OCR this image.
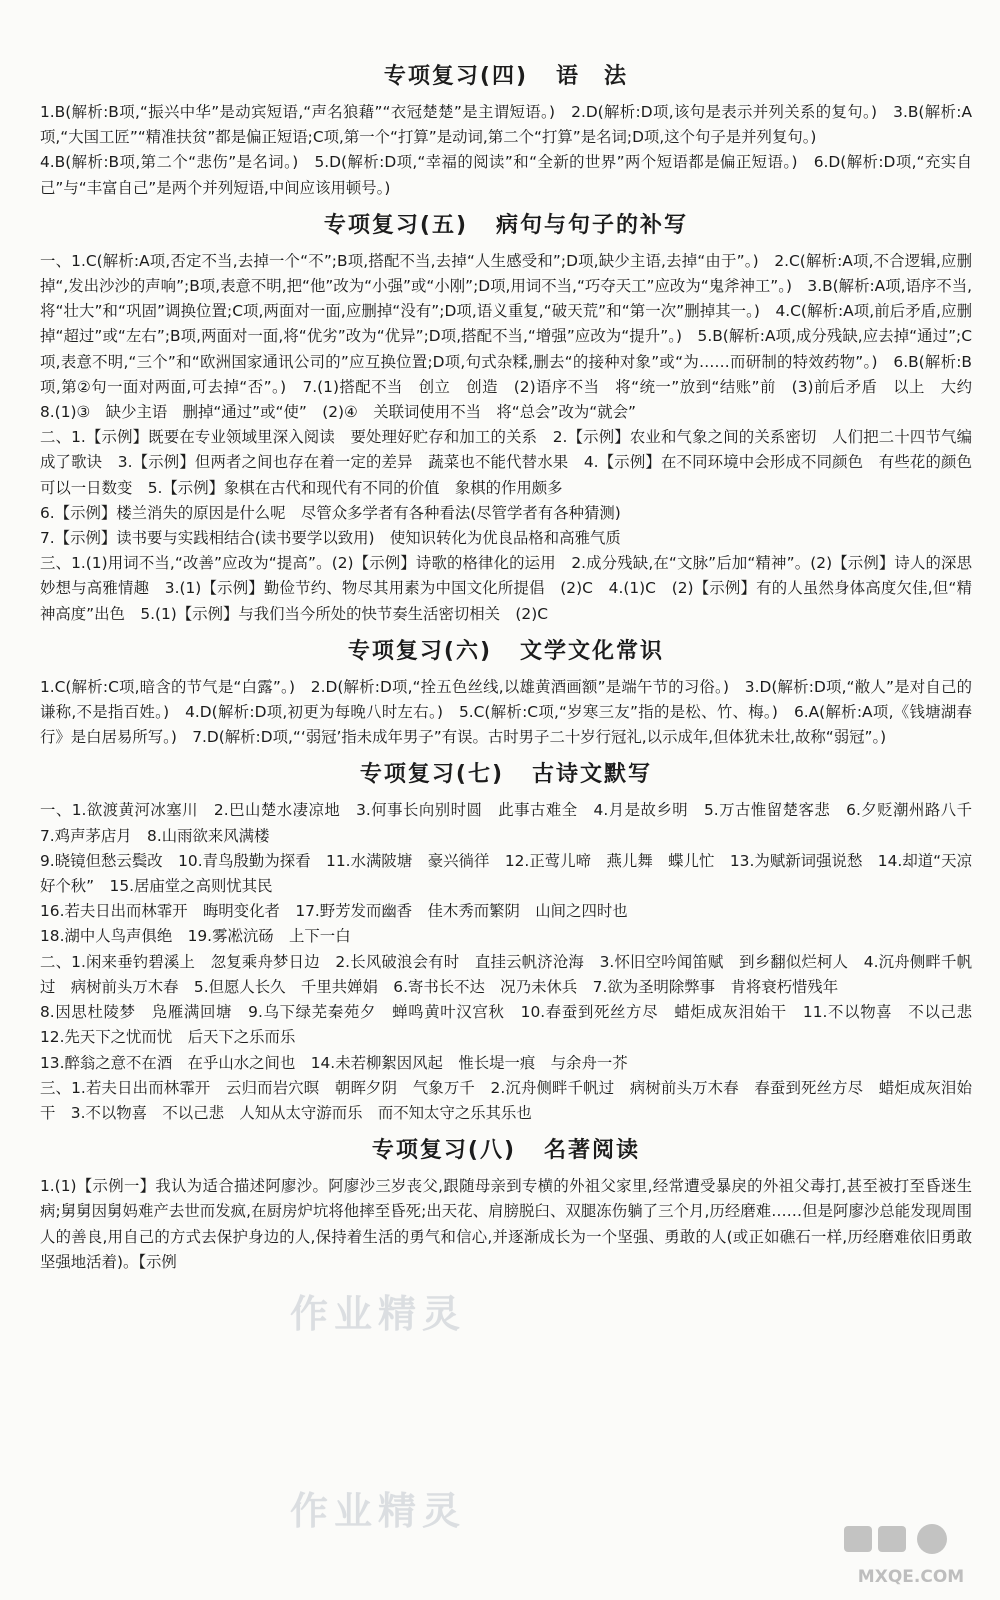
专项复习(四) 语　法

1.B(解析:B项,“振兴中华”是动宾短语,“声名狼藉”“衣冠楚楚”是主谓短语。)　2.D(解析:D项,该句是表示并列关系的复句。)　3.B(解析:A项,“大国工匠”“精准扶贫”都是偏正短语;C项,第一个“打算”是动词,第二个“打算”是名词;D项,这个句子是并列复句。)
4.B(解析:B项,第二个“悲伤”是名词。)　5.D(解析:D项,“幸福的阅读”和“全新的世界”两个短语都是偏正短语。)　6.D(解析:D项,“充实自己”与“丰富自己”是两个并列短语,中间应该用顿号。)

专项复习(五) 病句与句子的补写

一、1.C(解析:A项,否定不当,去掉一个“不”;B项,搭配不当,去掉“人生感受和”;D项,缺少主语,去掉“由于”。)　2.C(解析:A项,不合逻辑,应删掉“,发出沙沙的声响”;B项,表意不明,把“他”改为“小强”或“小刚”;D项,用词不当,“巧夺天工”应改为“鬼斧神工”。)　3.B(解析:A项,语序不当,将“壮大”和“巩固”调换位置;C项,两面对一面,应删掉“没有”;D项,语义重复,“破天荒”和“第一次”删掉其一。)　4.C(解析:A项,前后矛盾,应删掉“超过”或“左右”;B项,两面对一面,将“优劣”改为“优异”;D项,搭配不当,“增强”应改为“提升”。)　5.B(解析:A项,成分残缺,应去掉“通过”;C项,表意不明,“三个”和“欧洲国家通讯公司的”应互换位置;D项,句式杂糅,删去“的接种对象”或“为……而研制的特效药物”。)　6.B(解析:B项,第②句一面对两面,可去掉“否”。)　7.(1)搭配不当　创立　创造　(2)语序不当　将“统一”放到“结账”前　(3)前后矛盾　以上　大约　8.(1)③　缺少主语　删掉“通过”或“使”　(2)④　关联词使用不当　将“总会”改为“就会”

二、1.【示例】既要在专业领域里深入阅读　要处理好贮存和加工的关系　2.【示例】农业和气象之间的关系密切　人们把二十四节气编成了歌诀　3.【示例】但两者之间也存在着一定的差异　蔬菜也不能代替水果　4.【示例】在不同环境中会形成不同颜色　有些花的颜色可以一日数变　5.【示例】象棋在古代和现代有不同的价值　象棋的作用颇多
6.【示例】楼兰消失的原因是什么呢　尽管众多学者有各种看法(尽管学者有各种猜测)
7.【示例】读书要与实践相结合(读书要学以致用)　使知识转化为优良品格和高雅气质

三、1.(1)用词不当,“改善”应改为“提高”。(2)【示例】诗歌的格律化的运用　2.成分残缺,在“文脉”后加“精神”。(2)【示例】诗人的深思妙想与高雅情趣　3.(1)【示例】勤俭节约、物尽其用素为中国文化所提倡　(2)C　4.(1)C　(2)【示例】有的人虽然身体高度欠佳,但“精神高度”出色　5.(1)【示例】与我们当今所处的快节奏生活密切相关　(2)C

专项复习(六) 文学文化常识

1.C(解析:C项,暗含的节气是“白露”。)　2.D(解析:D项,“拴五色丝线,以雄黄酒画额”是端午节的习俗。)　3.D(解析:D项,“敝人”是对自己的谦称,不是指百姓。)　4.D(解析:D项,初更为每晚八时左右。)　5.C(解析:C项,“岁寒三友”指的是松、竹、梅。)　6.A(解析:A项,《钱塘湖春行》是白居易所写。)　7.D(解析:D项,“‘弱冠’指未成年男子”有误。古时男子二十岁行冠礼,以示成年,但体犹未壮,故称“弱冠”。)

专项复习(七) 古诗文默写

一、1.欲渡黄河冰塞川　2.巴山楚水凄凉地　3.何事长向别时圆　此事古难全　4.月是故乡明　5.万古惟留楚客悲　6.夕贬潮州路八千　7.鸡声茅店月　8.山雨欲来风满楼
9.晓镜但愁云鬓改　10.青鸟殷勤为探看　11.水满陂塘　豪兴徜徉　12.正莺儿啼　燕儿舞　蝶儿忙　13.为赋新词强说愁　14.却道“天凉好个秋”　15.居庙堂之高则忧其民
16.若夫日出而林霏开　晦明变化者　17.野芳发而幽香　佳木秀而繁阴　山间之四时也
18.湖中人鸟声俱绝　19.雾凇沆砀　上下一白

二、1.闲来垂钓碧溪上　忽复乘舟梦日边　2.长风破浪会有时　直挂云帆济沧海　3.怀旧空吟闻笛赋　到乡翻似烂柯人　4.沉舟侧畔千帆过　病树前头万木春　5.但愿人长久　千里共婵娟　6.寄书长不达　况乃未休兵　7.欲为圣明除弊事　肯将衰朽惜残年
8.因思杜陵梦　凫雁满回塘　9.乌下绿芜秦苑夕　蝉鸣黄叶汉宫秋　10.春蚕到死丝方尽　蜡炬成灰泪始干　11.不以物喜　不以己悲　12.先天下之忧而忧　后天下之乐而乐
13.醉翁之意不在酒　在乎山水之间也　14.未若柳絮因风起　惟长堤一痕　与余舟一芥

三、1.若夫日出而林霏开　云归而岩穴暝　朝晖夕阴　气象万千　2.沉舟侧畔千帆过　病树前头万木春　春蚕到死丝方尽　蜡炬成灰泪始干　3.不以物喜　不以己悲　人知从太守游而乐　而不知太守之乐其乐也

专项复习(八) 名著阅读

1.(1)【示例一】我认为适合描述阿廖沙。阿廖沙三岁丧父,跟随母亲到专横的外祖父家里,经常遭受暴戾的外祖父毒打,甚至被打至昏迷生病;舅舅因舅妈难产去世而发疯,在厨房炉坑将他摔至昏死;出天花、肩膀脱臼、双腿冻伤躺了三个月,历经磨难……但是阿廖沙总能发现周围人的善良,用自己的方式去保护身边的人,保持着生活的勇气和信心,并逐渐成长为一个坚强、勇敢的人(或正如礁石一样,历经磨难依旧勇敢坚强地活着)。【示例

作业精灵
作业精灵
MXQE.COM
